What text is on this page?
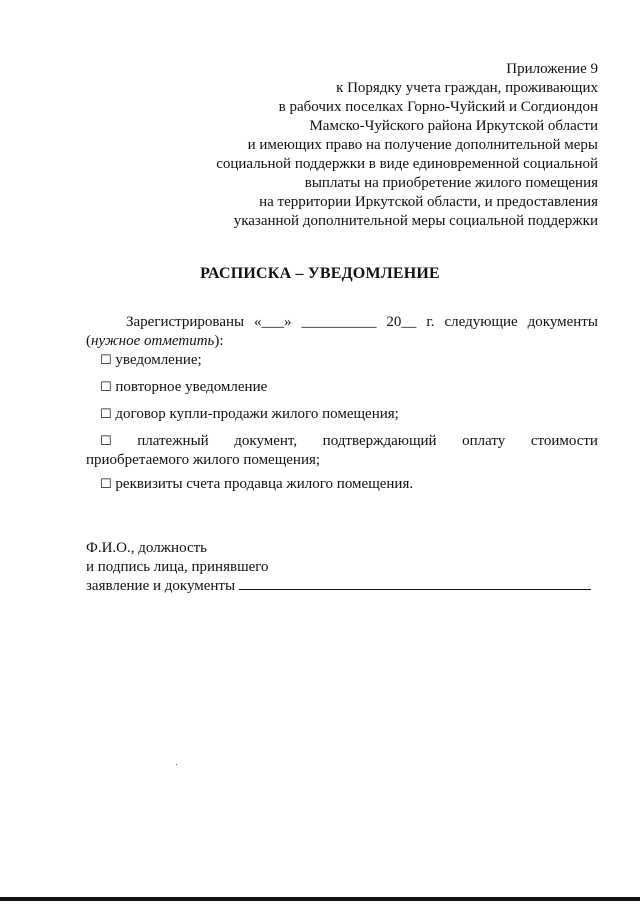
Приложение 9
к Порядку учета граждан, проживающих
в рабочих поселках Горно-Чуйский и Согдиондон
Мамско-Чуйского района Иркутской области
и имеющих право на получение дополнительной меры
социальной поддержки в виде единовременной социальной
выплаты на приобретение жилого помещения
на территории Иркутской области, и предоставления
указанной дополнительной меры социальной поддержки
РАСПИСКА – УВЕДОМЛЕНИЕ
Зарегистрированы «___» __________ 20__ г. следующие документы
(нужное отметить):
☐ уведомление;
☐ повторное уведомление
☐ договор купли-продажи жилого помещения;
☐ платежный документ, подтверждающий оплату стоимости
приобретаемого жилого помещения;
☐ реквизиты счета продавца жилого помещения.
Ф.И.О., должность
и подпись лица, принявшего
заявление и документы
